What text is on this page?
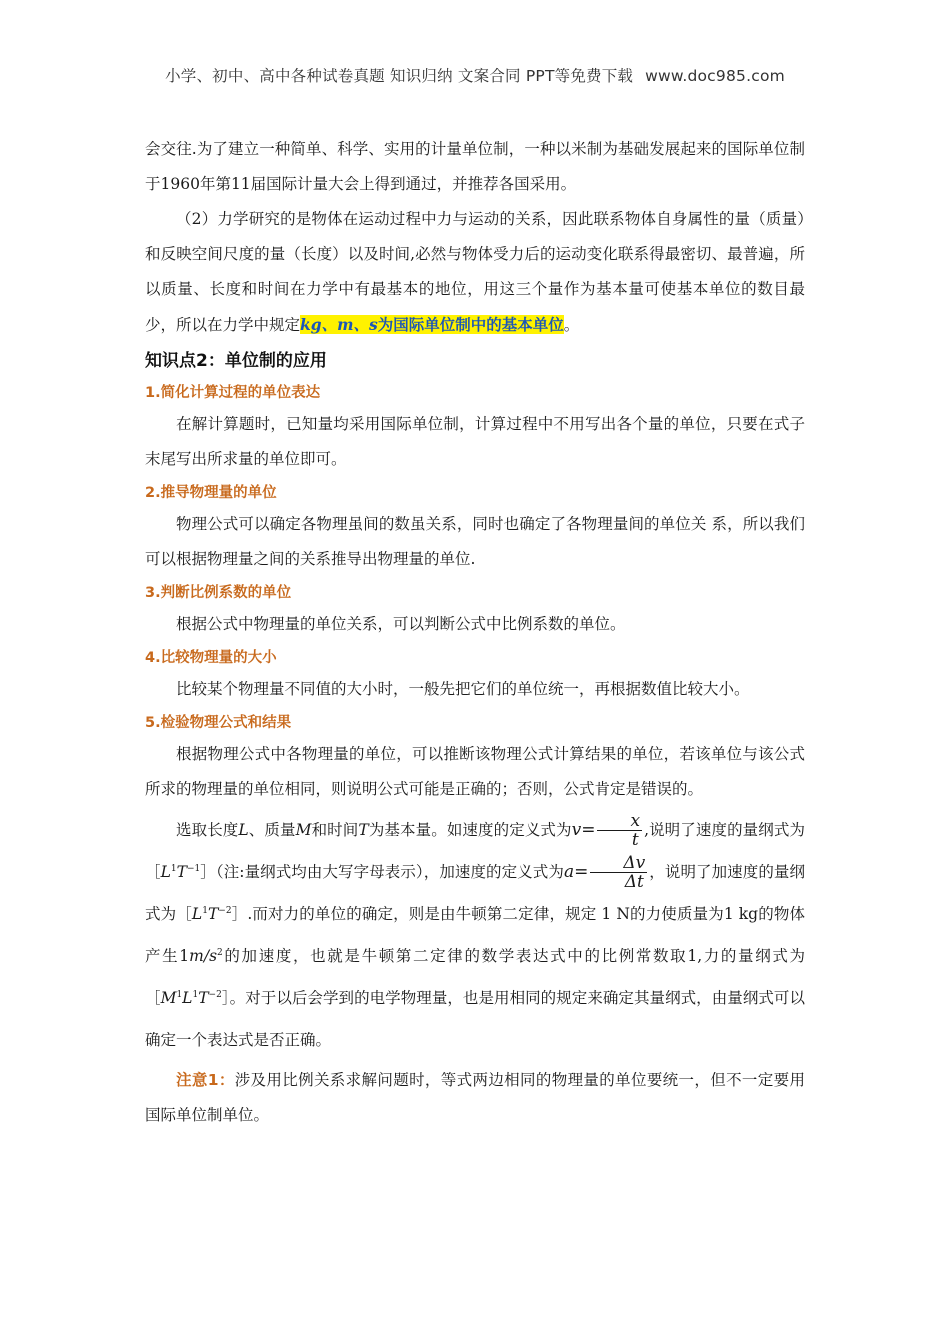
小学、初中、高中各种试卷真题 知识归纳 文案合同 PPT等免费下载 www.doc985.com

会交往.为了建立一种简单、科学、实用的计量单位制，一种以米制为基础发展起来的国际单位制于1960年第11届国际计量大会上得到通过，并推荐各国采用。

（2）力学研究的是物体在运动过程中力与运动的关系，因此联系物体自身属性的量（质量）和反映空间尺度的量（长度）以及时间,必然与物体受力后的运动变化联系得最密切、最普遍，所以质量、长度和时间在力学中有最基本的地位，用这三个量作为基本量可使基本单位的数目最少，所以在力学中规定kg、m、s为国际单位制中的基本单位。

知识点2：单位制的应用
1.简化计算过程的单位表达

在解计算题时，已知量均采用国际单位制，计算过程中不用写出各个量的单位，只要在式子末尾写出所求量的单位即可。

2.推导物理量的单位

物理公式可以确定各物理虽间的数虽关系，同时也确定了各物理量间的单位关 系，所以我们可以根据物理量之间的关系推导出物理量的单位.

3.判断比例系数的单位

根据公式中物理量的单位关系，可以判断公式中比例系数的单位。

4.比较物理量的大小

比较某个物理量不同值的大小时，一般先把它们的单位统一，再根据数值比较大小。

5.检验物理公式和结果

根据物理公式中各物理量的单位，可以推断该物理公式计算结果的单位，若该单位与该公式所求的物理量的单位相同，则说明公式可能是正确的；否则，公式肯定是错误的。

选取长度L、质量M和时间T为基本量。如速度的定义式为$v= \frac{x}{t}$ ,说明了速度的量纲式为$[L^1T^{-1}]$（注:量纲式均由大写字母表示），加速度的定义式为$a= \frac{\Delta v}{\Delta t}$ ，说明了加速度的量纲式为$[L^1T^{-2}]$.而对力的单位的确定，则是由牛顿第二定律，规定 1 N的力使质量为1 kg的物体产生$1m/s^2$的加速度，也就是牛顿第二定律的数学表达式中的比例常数取1,力的量纲式为$[M^1L^1T^{-2}]$。对于以后会学到的电学物理量，也是用相同的规定来确定其量纲式，由量纲式可以确定一个表达式是否正确。

注意1：涉及用比例关系求解问题时，等式两边相同的物理量的单位要统一，但不一定要用国际单位制单位。
